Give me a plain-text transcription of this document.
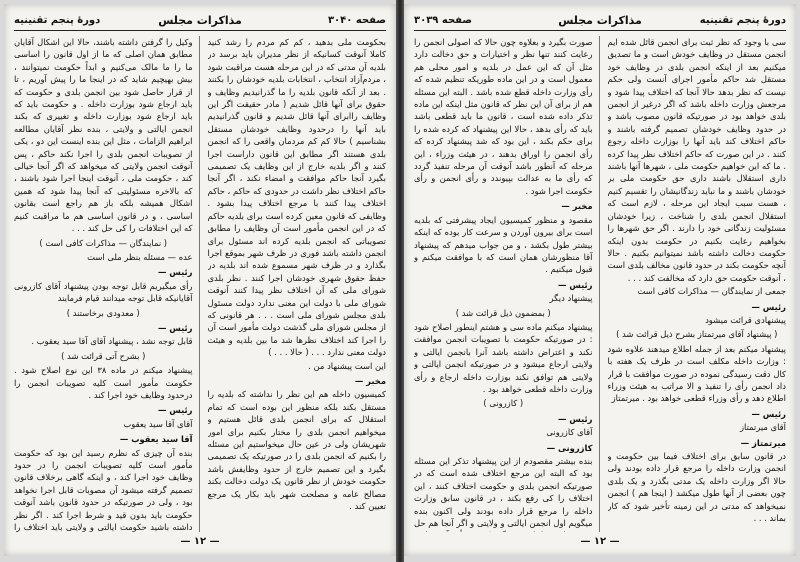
صفحه ۳۰۴۰
مذاکرات مجلس
دورهٔ پنجم تقنینیه

بحکومت ملی بدهید ، کم کم مردم را رشد کنید کاملا آنوقت کسانیکه از نظر مدیران باید برسد در بلدیه آن مدتی که در این مرحله هست مراقبت شود ، مردم‌آزاد انتخاب ، انتخابات بلدیه خودشان را بکنند . بعد از آنکه قانون بلدیه را ما گذرانیدیم وظایف و حقوق برای آنها قائل شدیم ( مادر حقیقت اگر این وظایف راابرای آنها قائل شدیم و قانون گذرانیدیم باید آنها را درحدود وظایف خودشان مستقل بشناسیم ) حالا کم کم مردمان واقعی را که انجمن بلدی هستند اگر مطابق این قانون داراست اجرا کنند و اگر بلدیه خارج از این وظایف یک تصمیمی بگیرد آنجا حاکم موافقت و امضاء نکند ، اگر آنجا حاکم اختلاف نظر داشت در حدودی که حاکم ، حاکم اختلاف پیدا کنند با مرجع اختلاف پیدا بشود . وظایفی که قانون معین کرده است برای بلدیه حاکم که در این انجمن مأمور است آن وظایف را مطابق تصویباتی که انجمن بلدیه کرده اند مسئول برای انجمن داشته باشد فوری در ظرف شهر بموقع اجرا بگذارد و در ظرف شهر مسموع شده اند بلدیه در حفظ حقوق شهری خودشان اجرا کنند . نظر بلدی شورای ملی که آن اختلاف نظر پیدا کنند آنوقت شورای ملی با دولت این معنی ندارد دولت مسئول بلدی مجلس شورای ملی است . . . هر قانونی که از مجلس شورای ملی گذشت دولت مأمور است آن را اجرا کند اختلاف نظرها شد ما بین بلدیه و هیئت دولت معنی ندارد . . . ( حالا . . . )

این است پیشنهاد من .

مخبر —

کمیسیون داخله هم این نظر را نداشته که بلدیه را مستقل بکند بلکه منظور این بوده است که تمام استقلال که برای انجمن بلدی قائل هستیم و میخواهیم انجمن بلدی را مختار بکنیم برای امور شهریشان ولی در عین حال میخواستیم این مسئله را بکنیم که انجمن بلدی را در صورتیکه یک تصمیمی بگیرد و این تصمیم خارج از حدود وظایفش باشد حکومت خودش از نظر قانون یک دولت دخالت بکند مصالح عامه و مصلحت شهر باید بکار یک مرجع تعیین کند .

وکیل را گرفتن داشته باشند، حالا این اشکال آقایان مطابق همان اصلی که ما از اول قانون را اساسی ما را ما مالک می‌کنیم و ابداً حکومت نمیتوانند ، بیش بهیچیم شاید که در اینجا ما را پیش آوریم ، تا از قرار حاصل شود بین انجمن بلدی و حکومت که باید ارجاع شود بوزارت داخله . و حکومت باید که باید ارجاع شود بوزارت داخله و تغییری که بکند انجمن ایالتی و ولایتی ، بنده نظر آقایان مطالعه ابراهیم الزامات ، مثل این بنده اینست این دو ، یکی از تصویبات انجمن بلدی را اجرا نکند حاکم ، پس آنوقت انجمن ولایتی که میخواهد که اگر آنجا خیالی کند ، حکومت ملی ، آنوقت اینجا اجرا شود باشند ، که بالاخره مسئولیتی که آنجا پیدا شود که همین اشکال همیشه بلکه باز هم راجع است بقانون اساسی ، و در قانون اساسی هم ما مراقبت کنیم که این اختلافات را کی حل کند . . .

( نمایندگان — مذاکرات کافی است )

عده — مسئله بنظر ملی است

رئیس —

رأی میگیریم قابل توجه بودن پیشنهاد آقای کازرونی آقایانیکه قابل توجه میدانند قیام فرمایند

( معدودی برخاستند )

رئیس —

قابل توجه نشد ، پیشنهاد آقای آقا سید یعقوب .

( بشرح آتی قرائت شد )

پیشنهاد میکنم در ماده ۳۸ این نوع اصلاح شود . حکومت مأمور است کلیه تصویبات انجمن را درحدود وظایف خود اجرا کند .

رئیس —

آقای آقا سید یعقوب

آقا سید یعقوب —

بنده آن چیزی که نظرم رسید این بود که حکومت مأمور است کلیه تصویبات انجمن را در حدود وظایف خود اجرا کند ، و اینکه گاهی برخلاف قانون تصمیم گرفته میشود آن مصوبات قابل اجرا نخواهد بود ، ولی در صورتیکه در حدود قانون باشد آنوقت حکومت باید بدون قید و شرط اجرا کند . اگر نظر داشته باشید حکومت ایالتی و ولایتی باید اختلاف را

— ۱۲ —
دورهٔ پنجم تقنینیه
مذاکرات مجلس
صفحه ۳۰۳۹

سی با وجود که نظر ثبت برای انجمن قائل شده ایم انجمن مستقل در وظایف خودش است و ما تصدیق میکنیم بعد از اینکه انجمن بلدی در وظایف خود مستقل شد حاکم مأمور اجرای آنست ولی حکم نیست که نظر بدهد حالا آنجا که اختلاف پیدا شود و مرجعش وزارت داخله باشد که اگر درغیر از انجمن بلدی خواهد بود در صورتیکه قانون مصوب باشد و در حدود وظایف خودشان تصمیم گرفته باشند و حاکم اختلاف کند باید آنها را بوزارت داخله رجوع کنند . در این صورت که حاکم اختلاف نظر پیدا کرده . ما که این خواهیم حکومت ملی ، شهرها آنها باشند داری استقلال باشند داری حق حکومت ملی بر خودشان باشند و ما نباید زندگانیشان را تقسیم کنیم ، هست سبب ایجاد این مرحله ، لازم است که استقلال انجمن بلدی را شناخت ، زیرا خودشان مسئولیت زندگانی خود را دارند . اگر حق شهرها را بخواهیم رعایت بکنیم در حکومت بدون اینکه حکومت دخالت داشته باشد نمیتوانیم بکنیم . حالا آنچه حکومت بکند در حدود قانون مخالف بلدی است ، آنوقت حکومت حق دارد که مخالفت کند . . .

جمعی از نمایندگان — مذاکرات کافی است

رئیس —

پیشنهادی قرائت میشود

( پیشنهاد آقای میرتمتاز بشرح ذیل قرائت شد )

پیشنهاد میکنم بعد از جمله اطلاع میدهند علاوه شود : وزارت داخله مکلف است در ظرف یک هفته با کال دقت رسیدگی نموده در صورت موافقت با قرار داد انجمن رأی را تنفیذ و الا مراتب به هیئت وزراء اطلاع دهد و رأی وزراء قطعی خواهد بود . میرتمتاز

رئیس —

آقای میرتمتاز

میرتمتاز —

در قانون سابق برای اختلاف فیما بین حکومت و انجمن وزارت داخله را مرجع قرار داده بودند ولی حالا اگر وزارت داخله یک مدتی بگذرد و یک بلدی چون بعضی از آنها طول میکشد ( اینجا هم ) انجمن نمیخواهد که مدتی در این زمینه تأخیر شود که کار بماند . . .

صورت بگیرد و بعلاوه چون حالا که اصولی انجمن را رعایت کنند تنها نظر و اختیارات و حق دخالت دارد مثل آن که این عمل در بلدیه و امور محلی هم معمول است و در این ماده طوریکه تنظیم شده که رأی وزارت داخله قطع شده باشد . البته این مسئله هم از برای آن این نظر که قانون مثل اینکه این ماده تذکر داده شده است ، قانون ما باید قطعی باشد باید که رأی بدهد ، حالا این پیشنهاد که کرده شده را برای حکم بکند ، این بود که شد پیشنهاد کرده که رأی انجمن را اوراق بدهند ، در هیئت وزراء ، این مرحله که آنطور باشد آنوقت آن مرحله تنفیذ گردد که رأی ما به عدالت بپیوندد و رأی انجمن و رأی حکومت اجرا شود .

مخبر —

مقصود و منظور کمیسیون ایجاد پیشرفتی که بلدیه است برای بیرون آوردن و سرعت کار بوده که اینکه بیشتر طول بکشد ، و من جواب میدهم که پیشنهاد آقا منظورشان همان است که با موافقت میکنم و قبول میکنیم .

رئیس —

پیشنهاد دیگر

( بمضمون ذیل قرائت شد )

پیشنهاد میکنم ماده سی و هشتم اینطور اصلاح شود : در صورتیکه حکومت با تصویبات انجمن موافقت نکند و اعتراض داشته باشد آنرا بانجمن ایالتی و ولایتی ارجاع میشود و در صورتیکه انجمن ایالتی و ولایتی هم توافق نکند بوزارت داخله ارجاع و رأی وزارت داخله قطعی خواهد بود .

( کازرونی )

رئیس —

آقای کازرونی

کازرونی —

بنده بیشتر مقصودم از این پیشنهاد تذکر این مسئله بود که البته این مرجع اختلاف شده است که در صورتیکه انجمن بلدی و حکومت اختلاف کنند ، این اختلاف را کی رفع بکند ، در قانون سابق وزارت داخله را مرجع قرار داده بودند ولی اکنون بنده میگویم اول انجمن ایالتی و ولایتی و اگر آنجا هم حل

— ۱۲ —
